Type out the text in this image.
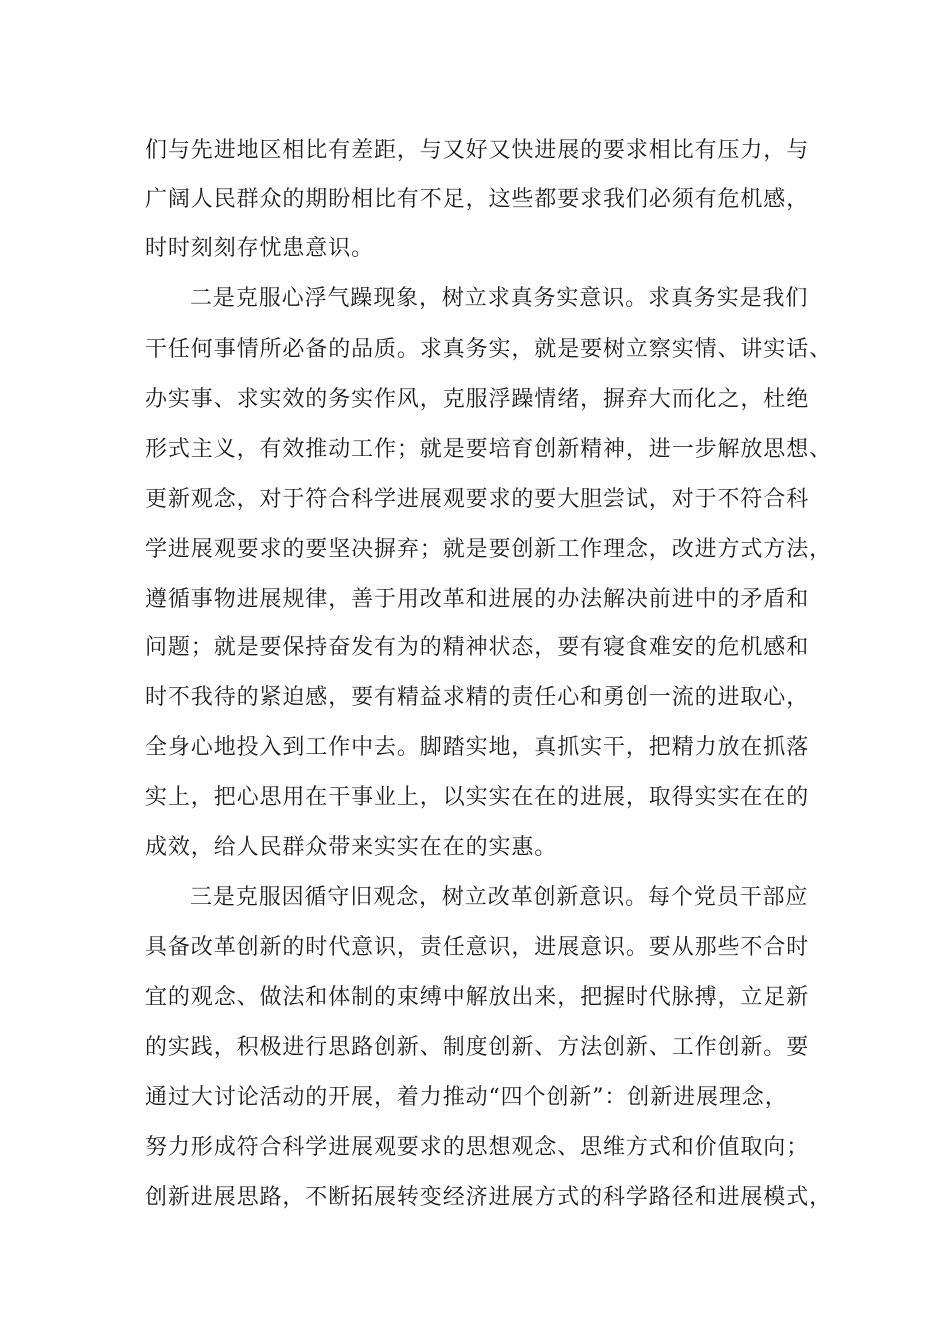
们与先进地区相比有差距，与又好又快进展的要求相比有压力，与
广阔人民群众的期盼相比有不足，这些都要求我们必须有危机感，
时时刻刻存忧患意识。
二是克服心浮气躁现象，树立求真务实意识。求真务实是我们
干任何事情所必备的品质。求真务实，就是要树立察实情、讲实话、
办实事、求实效的务实作风，克服浮躁情绪，摒弃大而化之，杜绝
形式主义，有效推动工作；就是要培育创新精神，进一步解放思想、
更新观念，对于符合科学进展观要求的要大胆尝试，对于不符合科
学进展观要求的要坚决摒弃；就是要创新工作理念，改进方式方法，
遵循事物进展规律，善于用改革和进展的办法解决前进中的矛盾和
问题；就是要保持奋发有为的精神状态，要有寝食难安的危机感和
时不我待的紧迫感，要有精益求精的责任心和勇创一流的进取心，
全身心地投入到工作中去。脚踏实地，真抓实干，把精力放在抓落
实上，把心思用在干事业上，以实实在在的进展，取得实实在在的
成效，给人民群众带来实实在在的实惠。
三是克服因循守旧观念，树立改革创新意识。每个党员干部应
具备改革创新的时代意识，责任意识，进展意识。要从那些不合时
宜的观念、做法和体制的束缚中解放出来，把握时代脉搏，立足新
的实践，积极进行思路创新、制度创新、方法创新、工作创新。要
通过大讨论活动的开展，着力推动“四个创新”：创新进展理念，
努力形成符合科学进展观要求的思想观念、思维方式和价值取向；
创新进展思路，不断拓展转变经济进展方式的科学路径和进展模式，
